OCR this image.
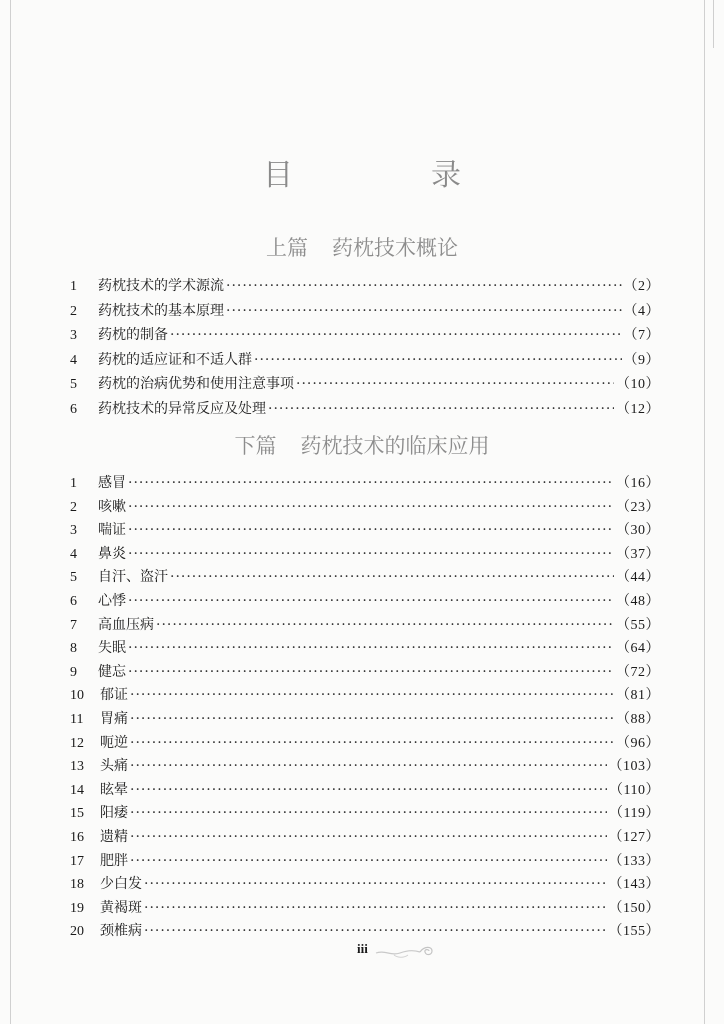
目　录
上篇 药枕技术概论
1	药枕技术的学术源流 ·····	（2）
2	药枕技术的基本原理 ·····	（4）
3	药枕的制备 ·····	（7）
4	药枕的适应证和不适人群 ·····	（9）
5	药枕的治病优势和使用注意事项 ·····	（10）
6	药枕技术的异常反应及处理 ·····	（12）
下篇 药枕技术的临床应用
1	感冒 ·····	（16）
2	咳嗽 ·····	（23）
3	喘证 ·····	（30）
4	鼻炎 ·····	（37）
5	自汗、盗汗 ·····	（44）
6	心悸 ·····	（48）
7	高血压病 ·····	（55）
8	失眠 ·····	（64）
9	健忘 ·····	（72）
10	郁证 ·····	（81）
11	胃痛 ·····	（88）
12	呃逆 ·····	（96）
13	头痛 ·····	（103）
14	眩晕 ·····	（110）
15	阳痿 ·····	（119）
16	遗精 ·····	（127）
17	肥胖 ·····	（133）
18	少白发 ·····	（143）
19	黄褐斑 ·····	（150）
20	颈椎病 ·····	（155）
iii
